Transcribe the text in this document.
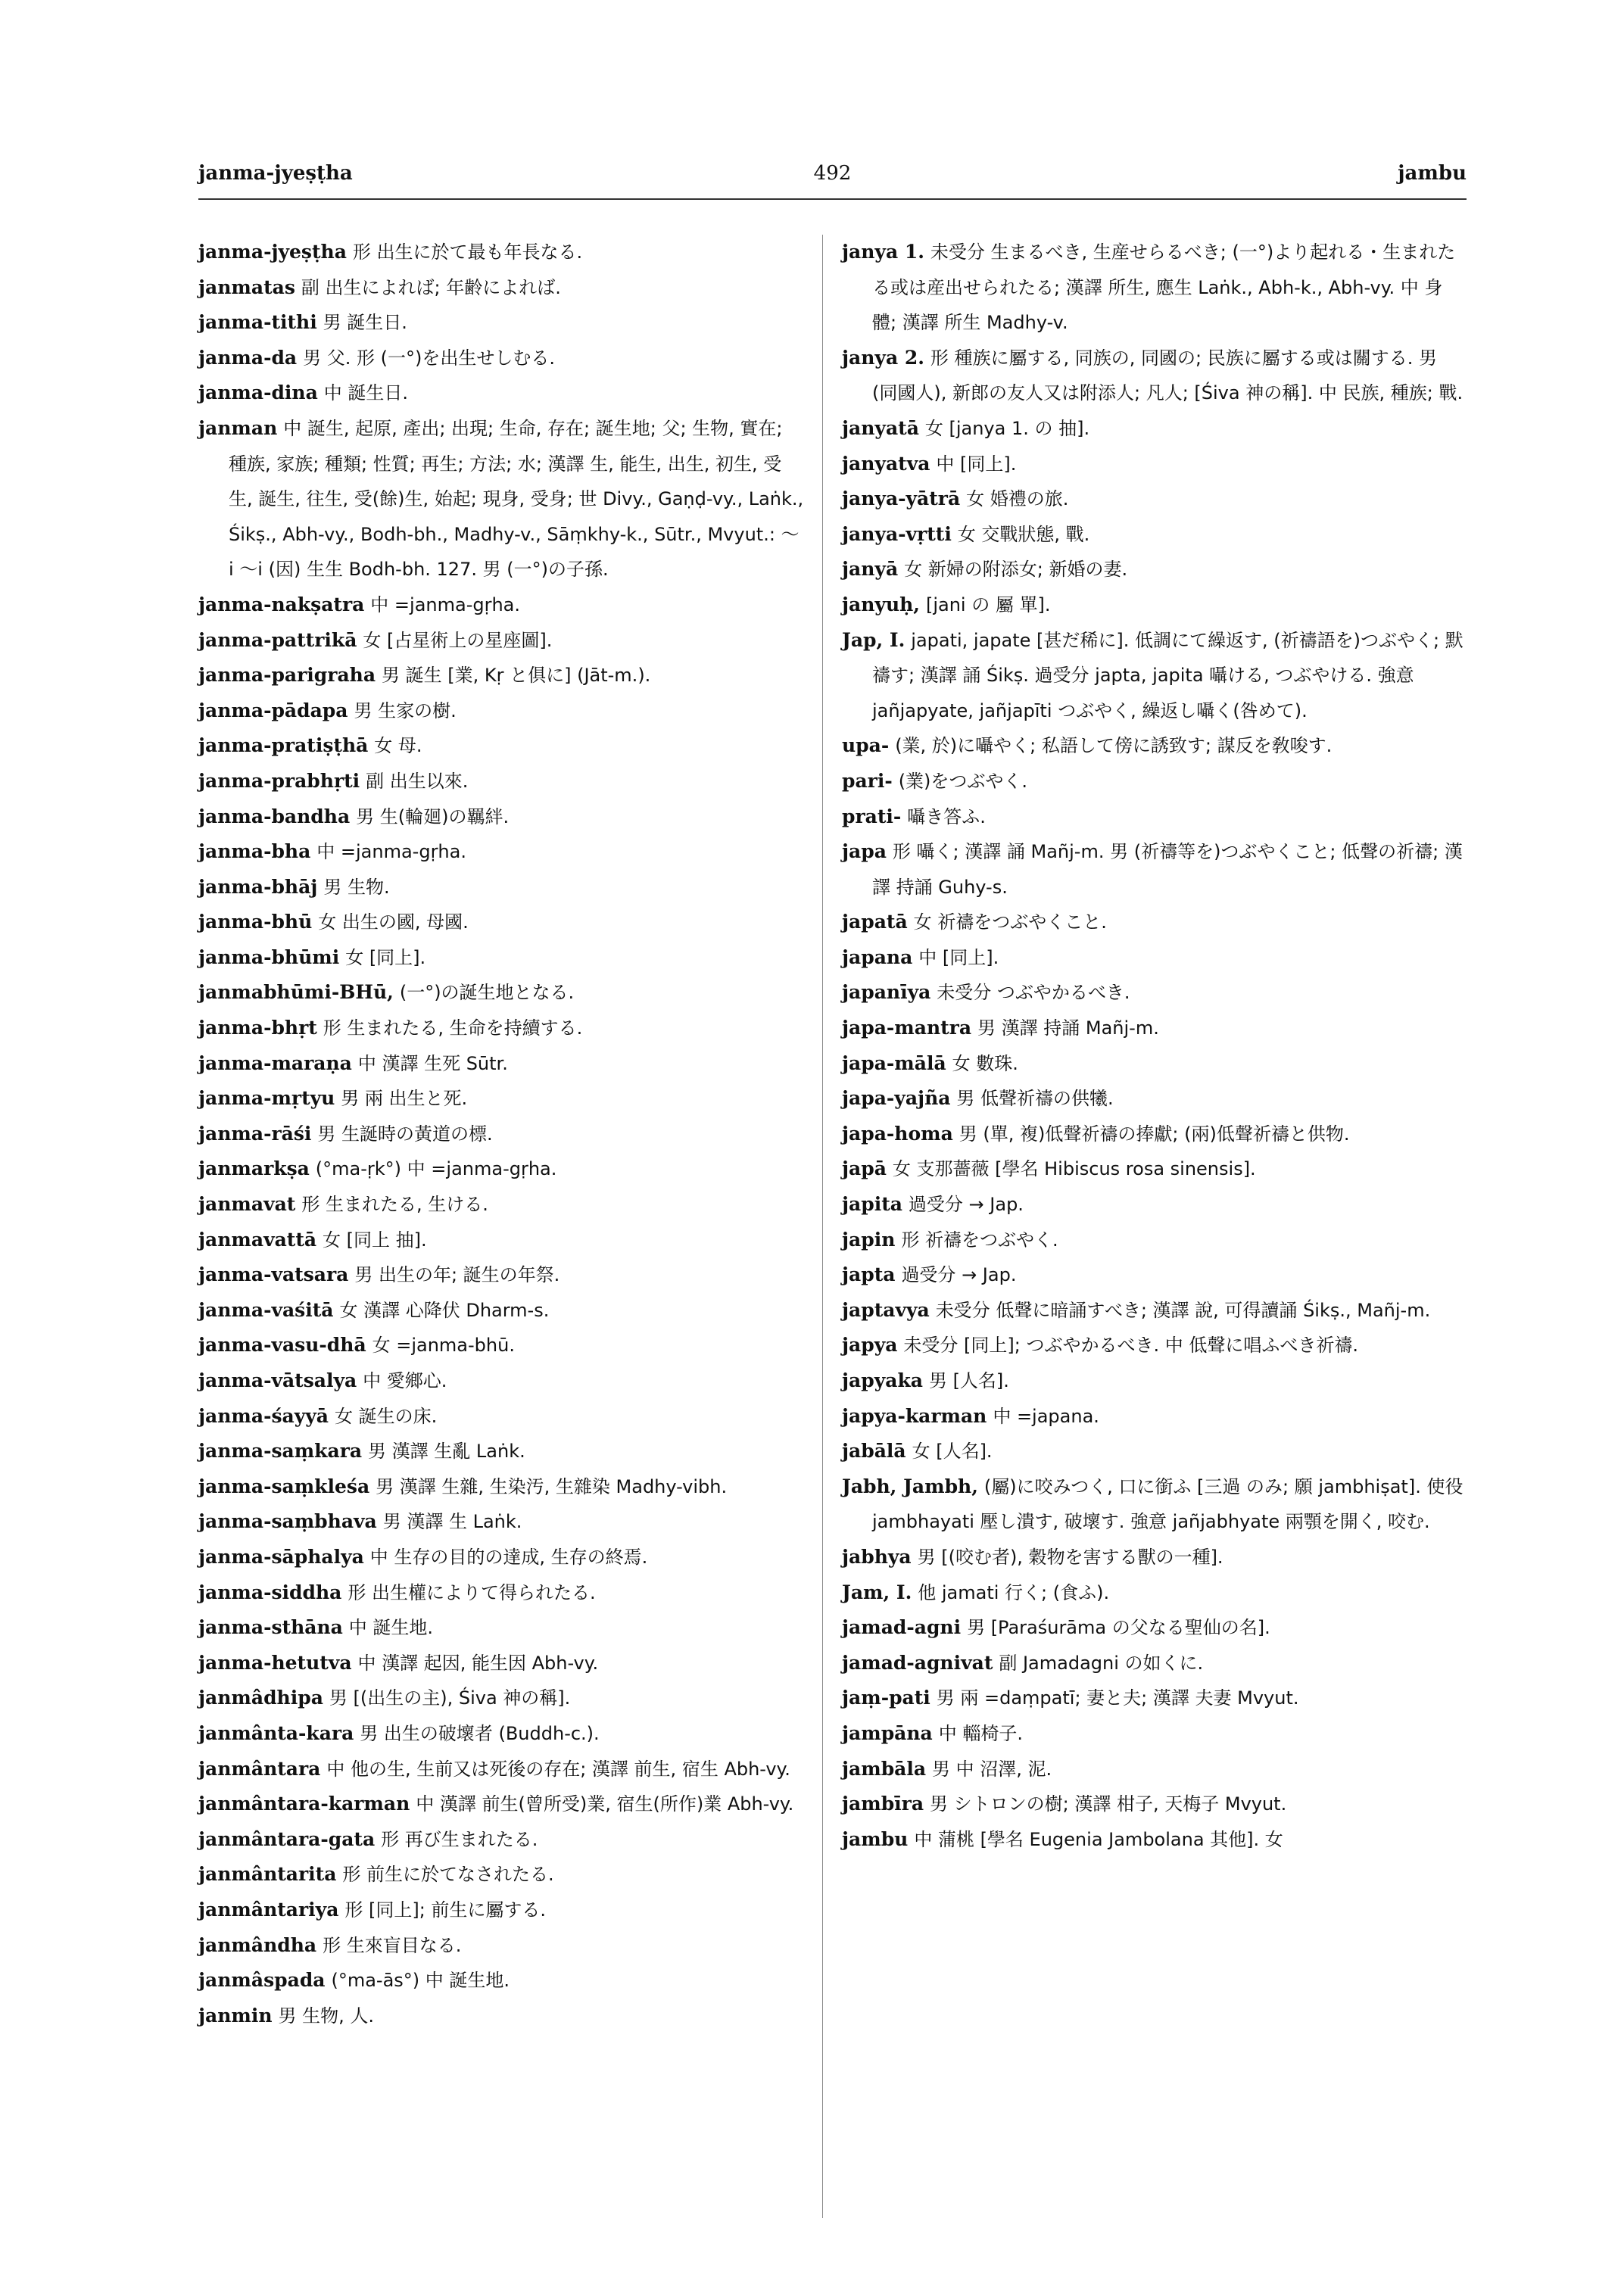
janma-jyeṣṭha	492	jambu
janma-jyeṣṭha 形 出生に於て最も年長なる.
janmatas 副 出生によれば; 年齢によれば.
janma-tithi 男 誕生日.
janma-da 男 父. 形 (一°)を出生せしむる.
janma-dina 中 誕生日.
janman 中 誕生, 起原, 產出; 出現; 生命, 存在; 誕生地; 父; 生物, 實在; 種族, 家族; 種類; 性質; 再生; 方法; 水; 漢譯 生, 能生, 出生, 初生, 受生, 誕生, 往生, 受(餘)生, 始起; 現身, 受身; 世 Divy., Gaṇḍ-vy., Laṅk., Śikṣ., Abh-vy., Bodh-bh., Madhy-v., Sāṃkhy-k., Sūtr., Mvyut.: 〜i 〜i (因) 生生 Bodh-bh. 127. 男 (一°)の子孫.
janma-nakṣatra 中 =janma-gṛha.
janma-pattrikā 女 [占星術上の星座圖].
janma-parigraha 男 誕生 [業, Kṛ と俱に] (Jāt-m.).
janma-pādapa 男 生家の樹.
janma-pratiṣṭhā 女 母.
janma-prabhṛti 副 出生以來.
janma-bandha 男 生(輪廻)の羈絆.
janma-bha 中 =janma-gṛha.
janma-bhāj 男 生物.
janma-bhū 女 出生の國, 母國.
janma-bhūmi 女 [同上].
janmabhūmi-BHū, (一°)の誕生地となる.
janma-bhṛt 形 生まれたる, 生命を持續する.
janma-maraṇa 中 漢譯 生死 Sūtr.
janma-mṛtyu 男 兩 出生と死.
janma-rāśi 男 生誕時の黃道の標.
janmarkṣa (°ma-ṛk°) 中 =janma-gṛha.
janmavat 形 生まれたる, 生ける.
janmavattā 女 [同上 抽].
janma-vatsara 男 出生の年; 誕生の年祭.
janma-vaśitā 女 漢譯 心降伏 Dharm-s.
janma-vasu-dhā 女 =janma-bhū.
janma-vātsalya 中 愛鄉心.
janma-śayyā 女 誕生の床.
janma-saṃkara 男 漢譯 生亂 Laṅk.
janma-saṃkleśa 男 漢譯 生雜, 生染汚, 生雜染 Madhy-vibh.
janma-saṃbhava 男 漢譯 生 Laṅk.
janma-sāphalya 中 生存の目的の達成, 生存の終焉.
janma-siddha 形 出生權によりて得られたる.
janma-sthāna 中 誕生地.
janma-hetutva 中 漢譯 起因, 能生因 Abh-vy.
janmâdhipa 男 [(出生の主), Śiva 神の稱].
janmânta-kara 男 出生の破壞者 (Buddh-c.).
janmântara 中 他の生, 生前又は死後の存在; 漢譯 前生, 宿生 Abh-vy.
janmântara-karman 中 漢譯 前生(曾所受)業, 宿生(所作)業 Abh-vy.
janmântara-gata 形 再び生まれたる.
janmântarita 形 前生に於てなされたる.
janmântariya 形 [同上]; 前生に屬する.
janmândha 形 生來盲目なる.
janmâspada (°ma-ās°) 中 誕生地.
janmin 男 生物, 人.
janya 1. 未受分 生まるべき, 生産せらるべき; (一°)より起れる・生まれたる或は産出せられたる; 漢譯 所生, 應生 Laṅk., Abh-k., Abh-vy. 中 身體; 漢譯 所生 Madhy-v.
janya 2. 形 種族に屬する, 同族の, 同國の; 民族に屬する或は關する. 男 (同國人), 新郎の友人又は附添人; 凡人; [Śiva 神の稱]. 中 民族, 種族; 戰.
janyatā 女 [janya 1. の 抽].
janyatva 中 [同上].
janya-yātrā 女 婚禮の旅.
janya-vṛtti 女 交戰狀態, 戰.
janyā 女 新婦の附添女; 新婚の妻.
janyuḥ, [jani の 屬 單].
Jap, I. japati, japate [甚だ稀に]. 低調にて繰返す, (祈禱語を)つぶやく; 默禱す; 漢譯 誦 Śikṣ. 過受分 japta, japita 囁ける, つぶやける. 強意 jañjapyate, jañjapīti つぶやく, 繰返し囁く(咎めて).
upa- (業, 於)に囁やく; 私語して傍に誘致す; 謀反を敎唆す.
pari- (業)をつぶやく.
prati- 囁き答ふ.
japa 形 囁く; 漢譯 誦 Mañj-m. 男 (祈禱等を)つぶやくこと; 低聲の祈禱; 漢譯 持誦 Guhy-s.
japatā 女 祈禱をつぶやくこと.
japana 中 [同上].
japanīya 未受分 つぶやかるべき.
japa-mantra 男 漢譯 持誦 Mañj-m.
japa-mālā 女 數珠.
japa-yajña 男 低聲祈禱の供犧.
japa-homa 男 (單, 複)低聲祈禱の捧獻; (兩)低聲祈禱と供物.
japā 女 支那薔薇 [學名 Hibiscus rosa sinensis].
japita 過受分 → Jap.
japin 形 祈禱をつぶやく.
japta 過受分 → Jap.
japtavya 未受分 低聲に暗誦すべき; 漢譯 說, 可得讀誦 Śikṣ., Mañj-m.
japya 未受分 [同上]; つぶやかるべき. 中 低聲に唱ふべき祈禱.
japyaka 男 [人名].
japya-karman 中 =japana.
jabālā 女 [人名].
Jabh, Jambh, (屬)に咬みつく, 口に銜ふ [三過 のみ; 願 jambhiṣat]. 使役 jambhayati 壓し潰す, 破壞す. 強意 jañjabhyate 兩顎を開く, 咬む.
jabhya 男 [(咬む者), 穀物を害する獸の一種].
Jam, I. 他 jamati 行く; (食ふ).
jamad-agni 男 [Paraśurāma の父なる聖仙の名].
jamad-agnivat 副 Jamadagni の如くに.
jaṃ-pati 男 兩 =daṃpatī; 妻と夫; 漢譯 夫妻 Mvyut.
jampāna 中 輜椅子.
jambāla 男 中 沼澤, 泥.
jambīra 男 シトロンの樹; 漢譯 柑子, 天梅子 Mvyut.
jambu 中 蒲桃 [學名 Eugenia Jambolana 其他]. 女
